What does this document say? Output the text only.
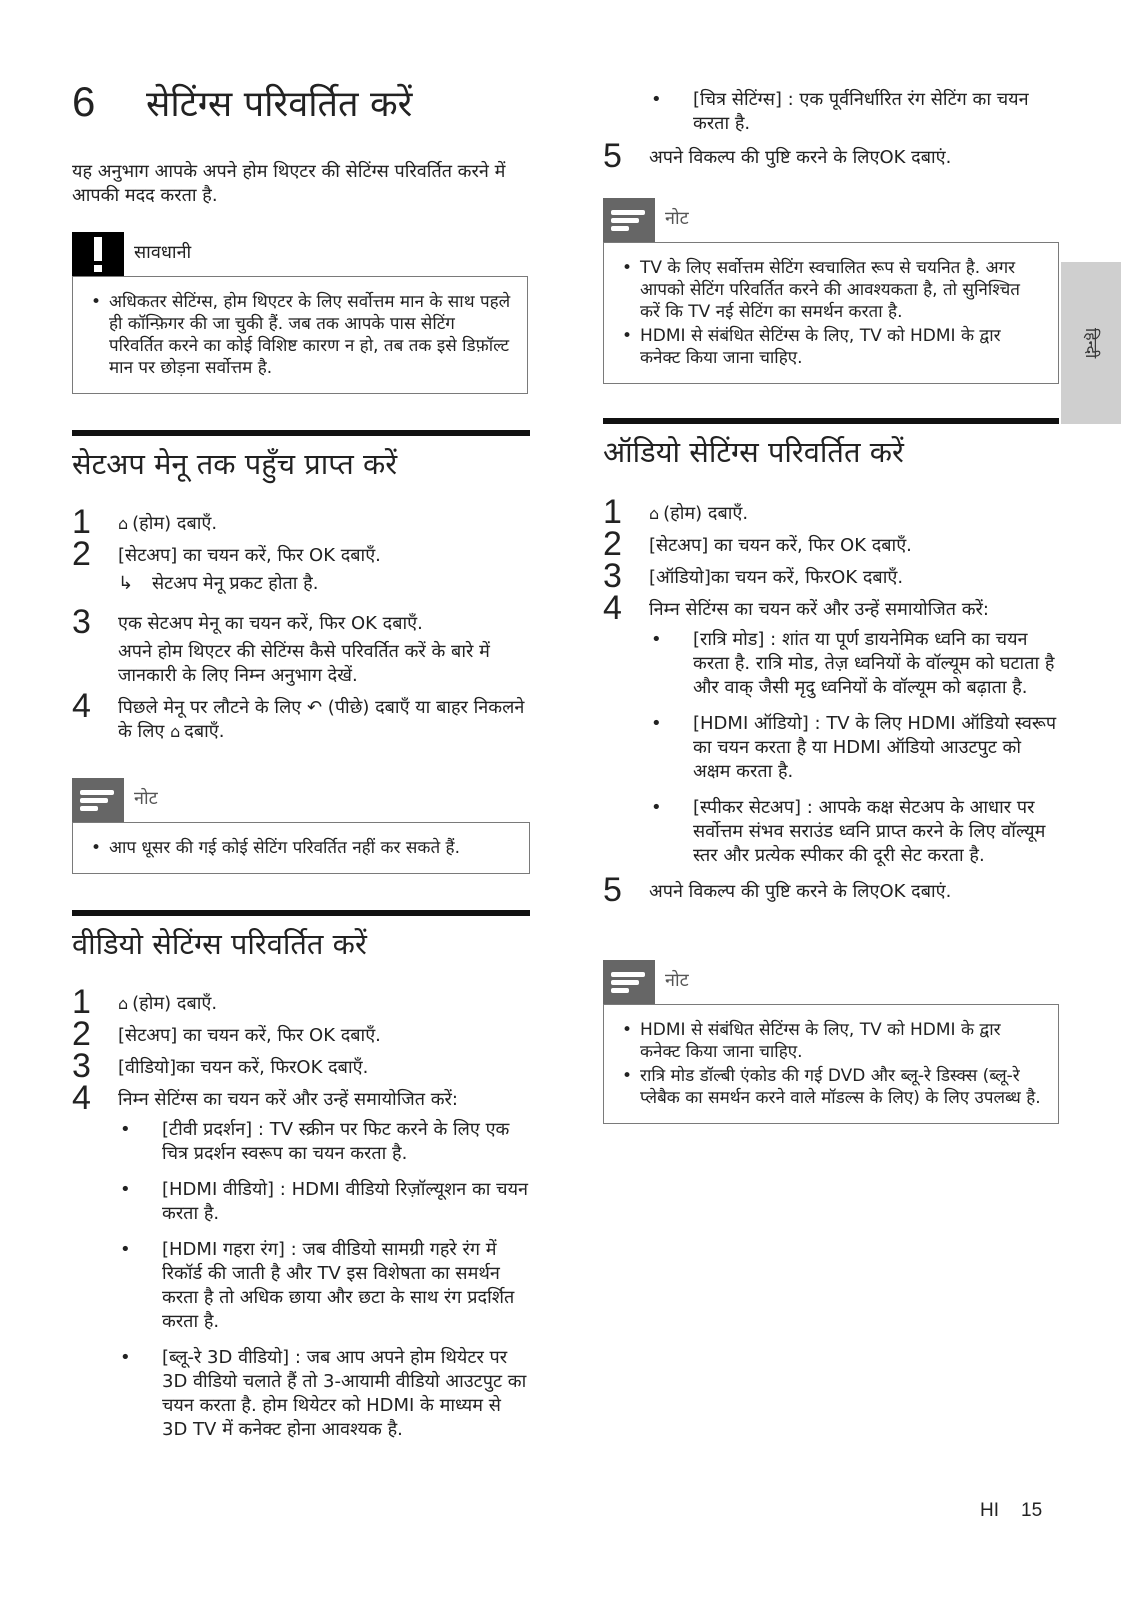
6	सेटिंग्स परिवर्तित करें
यह अनुभाग आपके अपने होम थिएटर की सेटिंग्स परिवर्तित करने में आपकी मदद करता है.
सावधानी
• अधिकतर सेटिंग्स, होम थिएटर के लिए सर्वोत्तम मान के साथ पहले ही कॉन्फ़िगर की जा चुकी हैं. जब तक आपके पास सेटिंग परिवर्तित करने का कोई विशिष्ट कारण न हो, तब तक इसे डिफ़ॉल्ट मान पर छोड़ना सर्वोत्तम है.
सेटअप मेनू तक पहुँच प्राप्त करें
1 ⌂ (होम) दबाएँ.
2 [सेटअप] का चयन करें, फिर OK दबाएँ.
↳	सेटअप मेनू प्रकट होता है.
3 एक सेटअप मेनू का चयन करें, फिर OK दबाएँ.
अपने होम थिएटर की सेटिंग्स कैसे परिवर्तित करें के बारे में जानकारी के लिए निम्न अनुभाग देखें.
4 पिछले मेनू पर लौटने के लिए ↶ (पीछे) दबाएँ या बाहर निकलने के लिए ⌂ दबाएँ.
नोट
• आप धूसर की गई कोई सेटिंग परिवर्तित नहीं कर सकते हैं.
वीडियो सेटिंग्स परिवर्तित करें
1 ⌂ (होम) दबाएँ.
2 [सेटअप] का चयन करें, फिर OK दबाएँ.
3 [वीडियो]का चयन करें, फिरOK दबाएँ.
4 निम्न सेटिंग्स का चयन करें और उन्हें समायोजित करें:
• [टीवी प्रदर्शन] : TV स्क्रीन पर फिट करने के लिए एक चित्र प्रदर्शन स्वरूप का चयन करता है.
• [HDMI वीडियो] : HDMI वीडियो रिज़ॉल्यूशन का चयन करता है.
• [HDMI गहरा रंग] : जब वीडियो सामग्री गहरे रंग में रिकॉर्ड की जाती है और TV इस विशेषता का समर्थन करता है तो अधिक छाया और छटा के साथ रंग प्रदर्शित करता है.
• [ब्लू-रे 3D वीडियो] : जब आप अपने होम थियेटर पर 3D वीडियो चलाते हैं तो 3-आयामी वीडियो आउटपुट का चयन करता है. होम थियेटर को HDMI के माध्यम से 3D TV में कनेक्ट होना आवश्यक है.
• [चित्र सेटिंग्स] : एक पूर्वनिर्धारित रंग सेटिंग का चयन करता है.
5 अपने विकल्प की पुष्टि करने के लिएOK दबाएं.
नोट
• TV के लिए सर्वोत्तम सेटिंग स्वचालित रूप से चयनित है. अगर आपको सेटिंग परिवर्तित करने की आवश्यकता है, तो सुनिश्चित करें कि TV नई सेटिंग का समर्थन करता है.
• HDMI से संबंधित सेटिंग्स के लिए, TV को HDMI के द्वार कनेक्ट किया जाना चाहिए.
ऑडियो सेटिंग्स परिवर्तित करें
1 ⌂ (होम) दबाएँ.
2 [सेटअप] का चयन करें, फिर OK दबाएँ.
3 [ऑडियो]का चयन करें, फिरOK दबाएँ.
4 निम्न सेटिंग्स का चयन करें और उन्हें समायोजित करें:
• [रात्रि मोड] : शांत या पूर्ण डायनेमिक ध्वनि का चयन करता है. रात्रि मोड, तेज़ ध्वनियों के वॉल्यूम को घटाता है और वाक् जैसी मृदु ध्वनियों के वॉल्यूम को बढ़ाता है.
• [HDMI ऑडियो] : TV के लिए HDMI ऑडियो स्वरूप का चयन करता है या HDMI ऑडियो आउटपुट को अक्षम करता है.
• [स्पीकर सेटअप] : आपके कक्ष सेटअप के आधार पर सर्वोत्तम संभव सराउंड ध्वनि प्राप्त करने के लिए वॉल्यूम स्तर और प्रत्येक स्पीकर की दूरी सेट करता है.
5 अपने विकल्प की पुष्टि करने के लिएOK दबाएं.
नोट
• HDMI से संबंधित सेटिंग्स के लिए, TV को HDMI के द्वार कनेक्ट किया जाना चाहिए.
• रात्रि मोड डॉल्बी एंकोड की गई DVD और ब्लू-रे डिस्क्स (ब्लू-रे प्लेबैक का समर्थन करने वाले मॉडल्स के लिए) के लिए उपलब्ध है.
हिन्दी
HI 15
